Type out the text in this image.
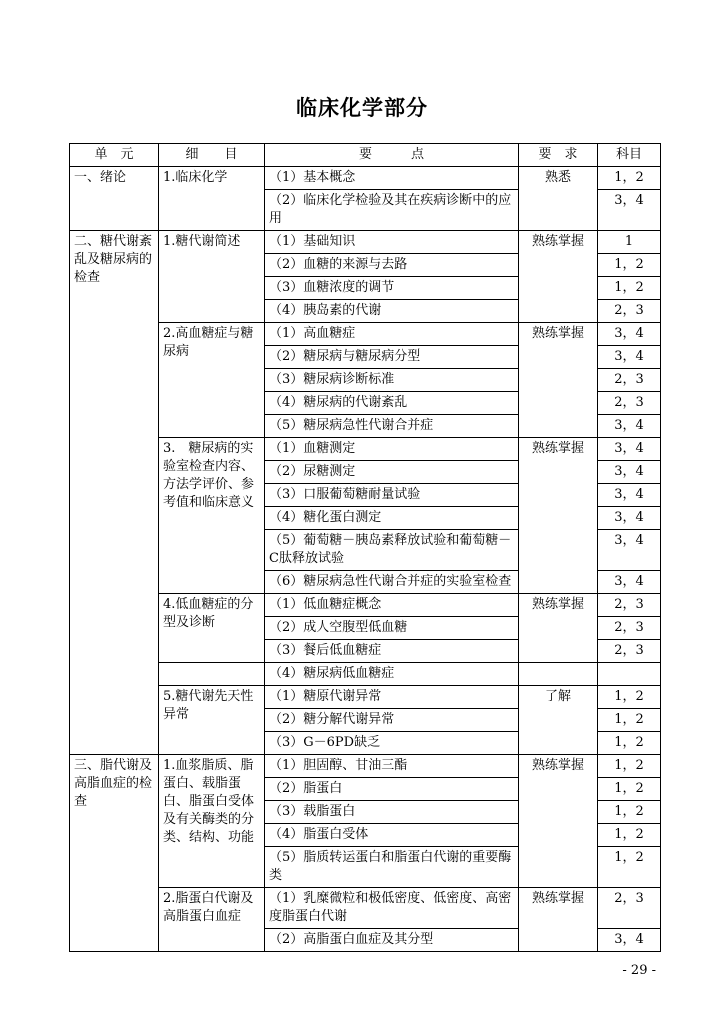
临床化学部分
单　元	细　　目	要　　　点	要　求	科目
一、绪论	1.临床化学	（1）基本概念	熟悉	1，2
		（2）临床化学检验及其在疾病诊断中的应用		3，4
二、糖代谢紊乱及糖尿病的检查	1.糖代谢简述	（1）基础知识	熟练掌握	1
		（2）血糖的来源与去路		1，2
		（3）血糖浓度的调节		1，2
		（4）胰岛素的代谢		2，3
	2.高血糖症与糖尿病	（1）高血糖症	熟练掌握	3，4
		（2）糖尿病与糖尿病分型		3，4
		（3）糖尿病诊断标准		2，3
		（4）糖尿病的代谢紊乱		2，3
		（5）糖尿病急性代谢合并症		3，4
	3.　糖尿病的实验室检查内容、方法学评价、参考值和临床意义	（1）血糖测定	熟练掌握	3，4
		（2）尿糖测定		3，4
		（3）口服葡萄糖耐量试验		3，4
		（4）糖化蛋白测定		3，4
		（5）葡萄糖－胰岛素释放试验和葡萄糖－C肽释放试验		3，4
		（6）糖尿病急性代谢合并症的实验室检查		3，4
	4.低血糖症的分型及诊断	（1）低血糖症概念	熟练掌握	2，3
		（2）成人空腹型低血糖		2，3
		（3）餐后低血糖症		2，3
		（4）糖尿病低血糖症		
	5.糖代谢先天性异常	（1）糖原代谢异常	了解	1，2
		（2）糖分解代谢异常		1，2
		（3）G－6PD缺乏		1，2
三、脂代谢及高脂血症的检查	1.血浆脂质、脂蛋白、载脂蛋白、脂蛋白受体及有关酶类的分类、结构、功能	（1）胆固醇、甘油三酯	熟练掌握	1，2
		（2）脂蛋白		1，2
		（3）载脂蛋白		1，2
		（4）脂蛋白受体		1，2
		（5）脂质转运蛋白和脂蛋白代谢的重要酶类		1，2
	2.脂蛋白代谢及高脂蛋白血症	（1）乳糜微粒和极低密度、低密度、高密度脂蛋白代谢	熟练掌握	2，3
		（2）高脂蛋白血症及其分型		3，4
- 29 -
